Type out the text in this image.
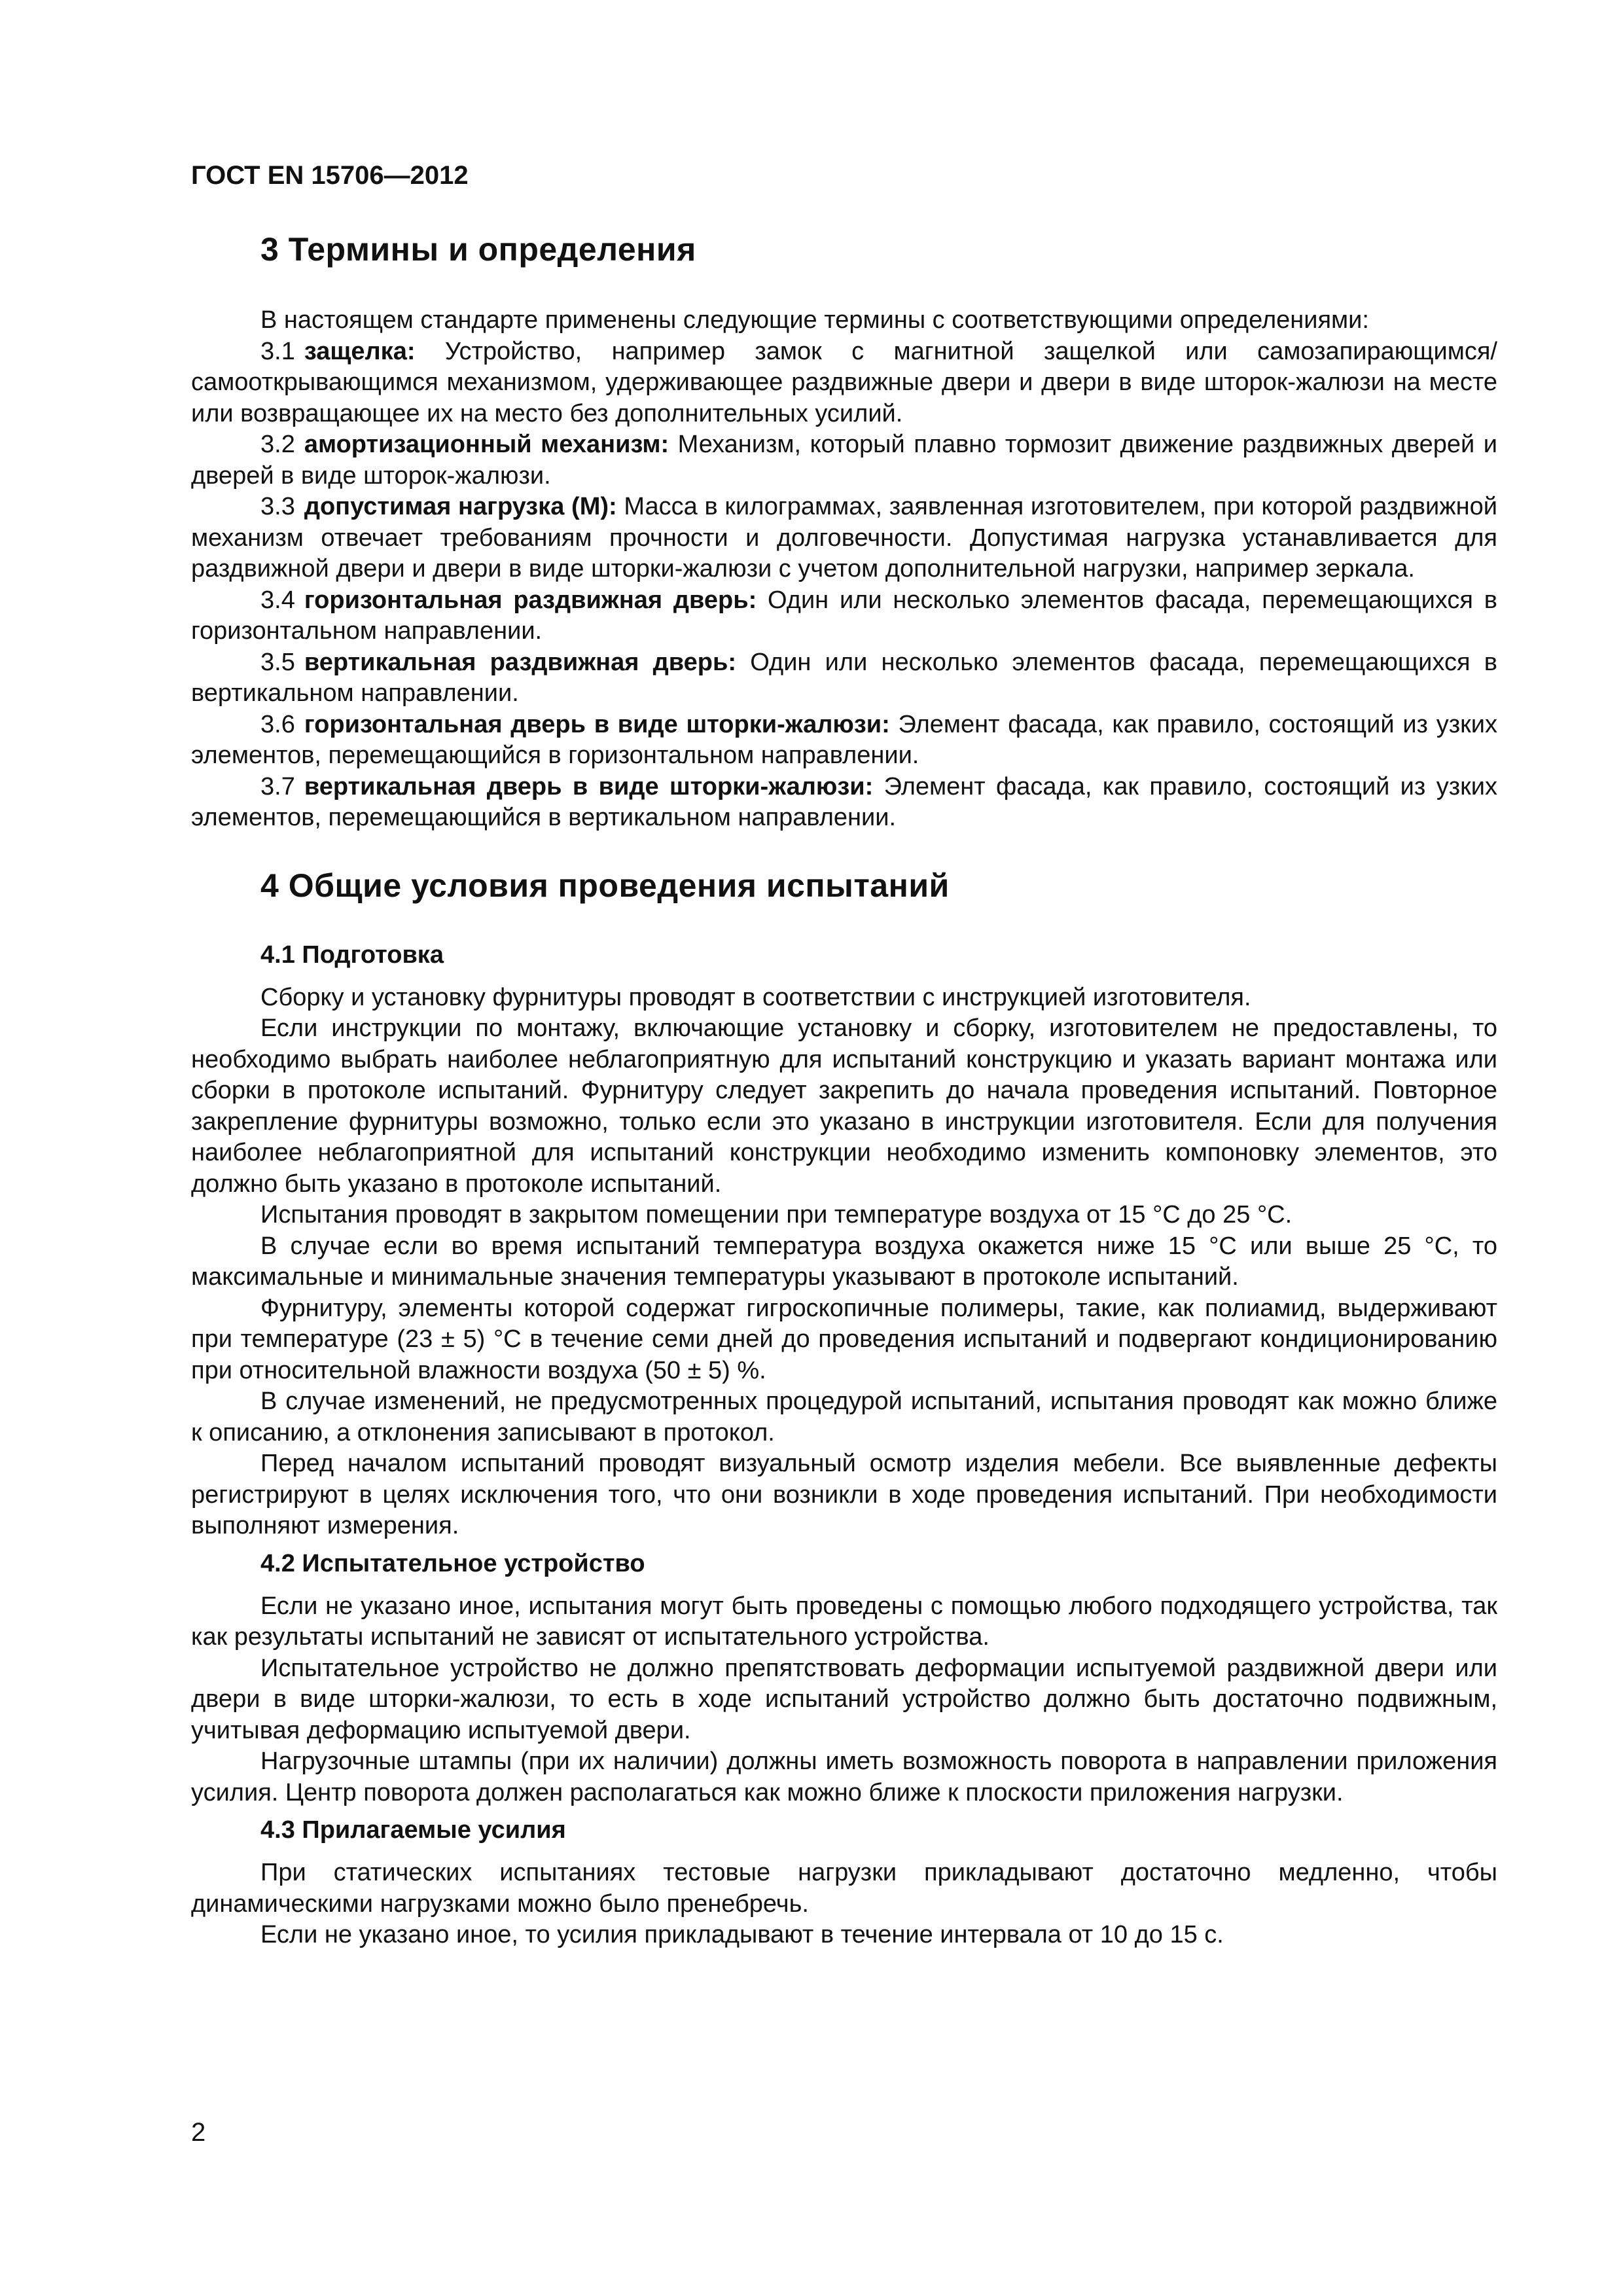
ГОСТ EN 15706—2012
3 Термины и определения

В настоящем стандарте применены следующие термины с соответствующими определениями:

3.1 защелка: Устройство, например замок с магнитной защелкой или самозапирающимся/самооткрывающимся механизмом, удерживающее раздвижные двери и двери в виде шторок-жалюзи на месте или возвращающее их на место без дополнительных усилий.

3.2 амортизационный механизм: Механизм, который плавно тормозит движение раздвижных дверей и дверей в виде шторок-жалюзи.

3.3 допустимая нагрузка (M): Масса в килограммах, заявленная изготовителем, при которой раздвижной механизм отвечает требованиям прочности и долговечности. Допустимая нагрузка устанавливается для раздвижной двери и двери в виде шторки-жалюзи с учетом дополнительной нагрузки, например зеркала.

3.4 горизонтальная раздвижная дверь: Один или несколько элементов фасада, перемещающихся в горизонтальном направлении.

3.5 вертикальная раздвижная дверь: Один или несколько элементов фасада, перемещающихся в вертикальном направлении.

3.6 горизонтальная дверь в виде шторки-жалюзи: Элемент фасада, как правило, состоящий из узких элементов, перемещающийся в горизонтальном направлении.

3.7 вертикальная дверь в виде шторки-жалюзи: Элемент фасада, как правило, состоящий из узких элементов, перемещающийся в вертикальном направлении.

4 Общие условия проведения испытаний
4.1 Подготовка

Сборку и установку фурнитуры проводят в соответствии с инструкцией изготовителя.

Если инструкции по монтажу, включающие установку и сборку, изготовителем не предоставлены, то необходимо выбрать наиболее неблагоприятную для испытаний конструкцию и указать вариант монтажа или сборки в протоколе испытаний. Фурнитуру следует закрепить до начала проведения испытаний. Повторное закрепление фурнитуры возможно, только если это указано в инструкции изготовителя. Если для получения наиболее неблагоприятной для испытаний конструкции необходимо изменить компоновку элементов, это должно быть указано в протоколе испытаний.

Испытания проводят в закрытом помещении при температуре воздуха от 15 °C до 25 °C.

В случае если во время испытаний температура воздуха окажется ниже 15 °C или выше 25 °C, то максимальные и минимальные значения температуры указывают в протоколе испытаний.

Фурнитуру, элементы которой содержат гигроскопичные полимеры, такие, как полиамид, выдерживают при температуре (23 ± 5) °C в течение семи дней до проведения испытаний и подвергают кондиционированию при относительной влажности воздуха (50 ± 5) %.

В случае изменений, не предусмотренных процедурой испытаний, испытания проводят как можно ближе к описанию, а отклонения записывают в протокол.

Перед началом испытаний проводят визуальный осмотр изделия мебели. Все выявленные дефекты регистрируют в целях исключения того, что они возникли в ходе проведения испытаний. При необходимости выполняют измерения.

4.2 Испытательное устройство

Если не указано иное, испытания могут быть проведены с помощью любого подходящего устройства, так как результаты испытаний не зависят от испытательного устройства.

Испытательное устройство не должно препятствовать деформации испытуемой раздвижной двери или двери в виде шторки-жалюзи, то есть в ходе испытаний устройство должно быть достаточно подвижным, учитывая деформацию испытуемой двери.

Нагрузочные штампы (при их наличии) должны иметь возможность поворота в направлении приложения усилия. Центр поворота должен располагаться как можно ближе к плоскости приложения нагрузки.

4.3 Прилагаемые усилия

При статических испытаниях тестовые нагрузки прикладывают достаточно медленно, чтобы динамическими нагрузками можно было пренебречь.

Если не указано иное, то усилия прикладывают в течение интервала от 10 до 15 с.

2
